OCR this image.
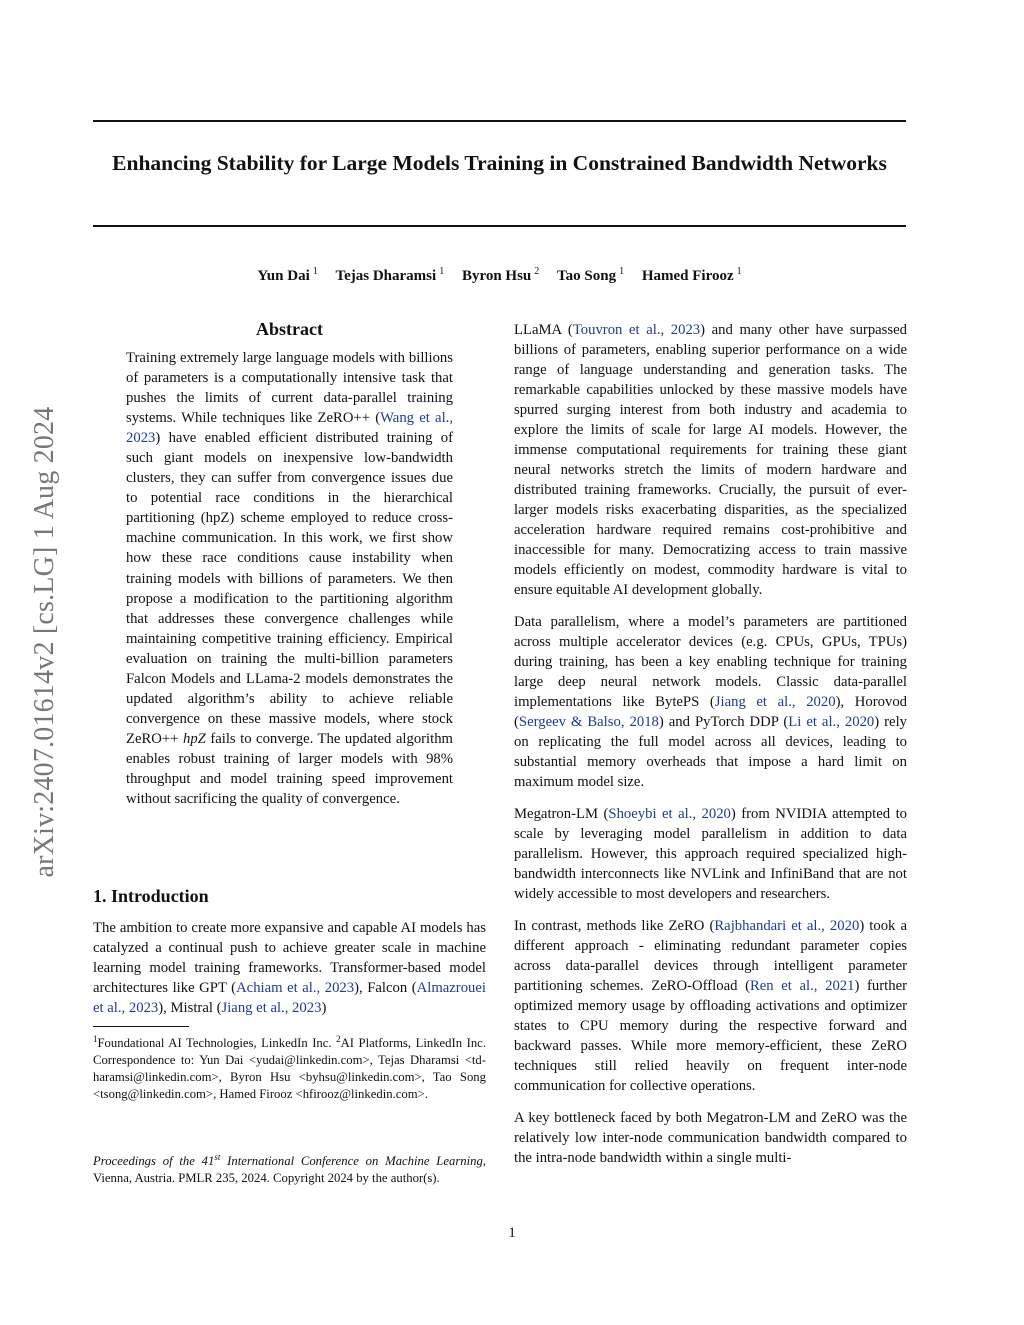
arXiv:2407.01614v2 [cs.LG] 1 Aug 2024
Enhancing Stability for Large Models Training in Constrained Bandwidth Networks
Yun Dai $^1$ Tejas Dharamsi $^1$ Byron Hsu $^2$ Tao Song $^1$ Hamed Firooz $^1$
Abstract

Training extremely large language models with billions of parameters is a computationally intensive task that pushes the limits of current data-parallel training systems. While techniques like ZeRO++ (Wang et al., 2023) have enabled efficient distributed training of such giant models on inexpensive low-bandwidth clusters, they can suffer from convergence issues due to potential race conditions in the hierarchical partitioning (hpZ) scheme employed to reduce cross-machine communication. In this work, we first show how these race conditions cause instability when training models with billions of parameters. We then propose a modification to the partitioning algorithm that addresses these convergence challenges while maintaining competitive training efficiency. Empirical evaluation on training the multi-billion parameters Falcon Models and LLama-2 models demonstrates the updated algorithm’s ability to achieve reliable convergence on these massive models, where stock ZeRO++ hpZ fails to converge. The updated algorithm enables robust training of larger models with 98% throughput and model training speed improvement without sacrificing the quality of convergence.

1. Introduction

The ambition to create more expansive and capable AI models has catalyzed a continual push to achieve greater scale in machine learning model training frameworks. Transformer-based model architectures like GPT (Achiam et al., 2023), Falcon (Almazrouei et al., 2023), Mistral (Jiang et al., 2023)

$^1$Foundational AI Technologies, LinkedIn Inc. $^2$AI Platforms, LinkedIn Inc. Correspondence to: Yun Dai <yudai@linkedin.com>, Tejas Dharamsi <td-haramsi@linkedin.com>, Byron Hsu <byhsu@linkedin.com>, Tao Song <tsong@linkedin.com>, Hamed Firooz <hfirooz@linkedin.com>.

Proceedings of the 41st International Conference on Machine Learning, Vienna, Austria. PMLR 235, 2024. Copyright 2024 by the author(s).

LLaMA (Touvron et al., 2023) and many other have surpassed billions of parameters, enabling superior performance on a wide range of language understanding and generation tasks. The remarkable capabilities unlocked by these massive models have spurred surging interest from both industry and academia to explore the limits of scale for large AI models. However, the immense computational requirements for training these giant neural networks stretch the limits of modern hardware and distributed training frameworks. Crucially, the pursuit of ever-larger models risks exacerbating disparities, as the specialized acceleration hardware required remains cost-prohibitive and inaccessible for many. Democratizing access to train massive models efficiently on modest, commodity hardware is vital to ensure equitable AI development globally.

Data parallelism, where a model’s parameters are partitioned across multiple accelerator devices (e.g. CPUs, GPUs, TPUs) during training, has been a key enabling technique for training large deep neural network models. Classic data-parallel implementations like BytePS (Jiang et al., 2020), Horovod (Sergeev & Balso, 2018) and PyTorch DDP (Li et al., 2020) rely on replicating the full model across all devices, leading to substantial memory overheads that impose a hard limit on maximum model size.

Megatron-LM (Shoeybi et al., 2020) from NVIDIA attempted to scale by leveraging model parallelism in addition to data parallelism. However, this approach required specialized high-bandwidth interconnects like NVLink and InfiniBand that are not widely accessible to most developers and researchers.

In contrast, methods like ZeRO (Rajbhandari et al., 2020) took a different approach - eliminating redundant parameter copies across data-parallel devices through intelligent parameter partitioning schemes. ZeRO-Offload (Ren et al., 2021) further optimized memory usage by offloading activations and optimizer states to CPU memory during the respective forward and backward passes. While more memory-efficient, these ZeRO techniques still relied heavily on frequent inter-node communication for collective operations.

A key bottleneck faced by both Megatron-LM and ZeRO was the relatively low inter-node communication bandwidth compared to the intra-node bandwidth within a single multi-

1
